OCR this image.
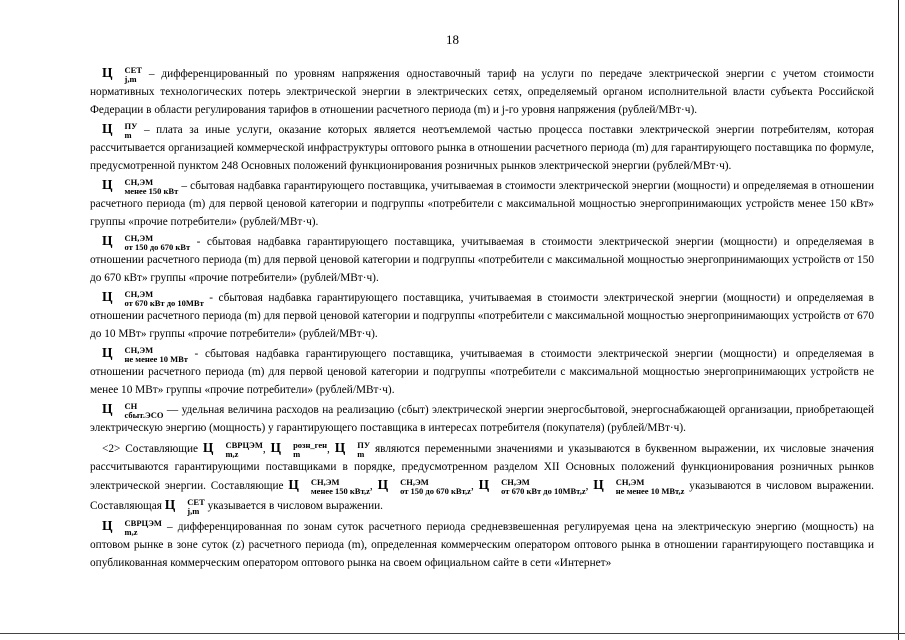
18

Ц	СЕТ
j,m – дифференцированный по уровням напряжения одноставочный тариф на услуги по передаче электрической энергии с учетом стоимости нормативных технологических потерь электрической энергии в электрических сетях, определяемый органом исполнительной власти субъекта Российской Федерации в области регулирования тарифов в отношении расчетного периода (m) и j-го уровня напряжения (рублей/МВт·ч).

Ц	ПУ
m – плата за иные услуги, оказание которых является неотъемлемой частью процесса поставки электрической энергии потребителям, которая рассчитывается организацией коммерческой инфраструктуры оптового рынка в отношении расчетного периода (m) для гарантирующего поставщика по формуле, предусмотренной пунктом 248 Основных положений функционирования розничных рынков электрической энергии (рублей/МВт·ч).

Ц	СН,ЭМ
менее 150 кВт – сбытовая надбавка гарантирующего поставщика, учитываемая в стоимости электрической энергии (мощности) и определяемая в отношении расчетного периода (m) для первой ценовой категории и подгруппы «потребители с максимальной мощностью энергопринимающих устройств менее 150 кВт» группы «прочие потребители» (рублей/МВт·ч).

Ц	СН,ЭМ
от 150 до 670 кВт - сбытовая надбавка гарантирующего поставщика, учитываемая в стоимости электрической энергии (мощности) и определяемая в отношении расчетного периода (m) для первой ценовой категории и подгруппы «потребители с максимальной мощностью энергопринимающих устройств от 150 до 670 кВт» группы «прочие потребители» (рублей/МВт·ч).

Ц	СН,ЭМ
от 670 кВт до 10МВт - сбытовая надбавка гарантирующего поставщика, учитываемая в стоимости электрической энергии (мощности) и определяемая в отношении расчетного периода (m) для первой ценовой категории и подгруппы «потребители с максимальной мощностью энергопринимающих устройств от 670 до 10 МВт» группы «прочие потребители» (рублей/МВт·ч).

Ц	СН,ЭМ
не менее 10 МВт - сбытовая надбавка гарантирующего поставщика, учитываемая в стоимости электрической энергии (мощности) и определяемая в отношении расчетного периода (m) для первой ценовой категории и подгруппы «потребители с максимальной мощностью энергопринимающих устройств не менее 10 МВт» группы «прочие потребители» (рублей/МВт·ч).

Ц	СН
сбыт.ЭСО — удельная величина расходов на реализацию (сбыт) электрической энергии энергосбытовой, энергоснабжающей организации, приобретающей электрическую энергию (мощность) у гарантирующего поставщика в интересах потребителя (покупателя) (рублей/МВт·ч).

<2> Составляющие Ц	СВРЦЭМ
m,z	, Ц	розн_ген
m	, Ц	ПУ
m являются переменными значениями и указываются в буквенном выражении, их числовые значения рассчитываются гарантирующими поставщиками в порядке, предусмотренном разделом XII Основных положений функционирования розничных рынков электрической энергии. Составляющие Ц	СН,ЭМ
менее 150 кВт,z , Ц	СН,ЭМ
от 150 до 670 кВт,z , Ц	СН,ЭМ
от 670 кВт до 10МВт,z , Ц	СН,ЭМ
не менее 10 МВт,z указываются в числовом выражении. Составляющая Ц	СЕТ
j,m указывается в числовом выражении.

Ц	СВРЦЭМ
m,z	– дифференцированная по зонам суток расчетного периода средневзвешенная регулируемая цена на электрическую энергию (мощность) на оптовом рынке в зоне суток (z) расчетного периода (m), определенная коммерческим оператором оптового рынка в отношении гарантирующего поставщика и опубликованная коммерческим оператором оптового рынка на своем официальном сайте в сети «Интернет»
